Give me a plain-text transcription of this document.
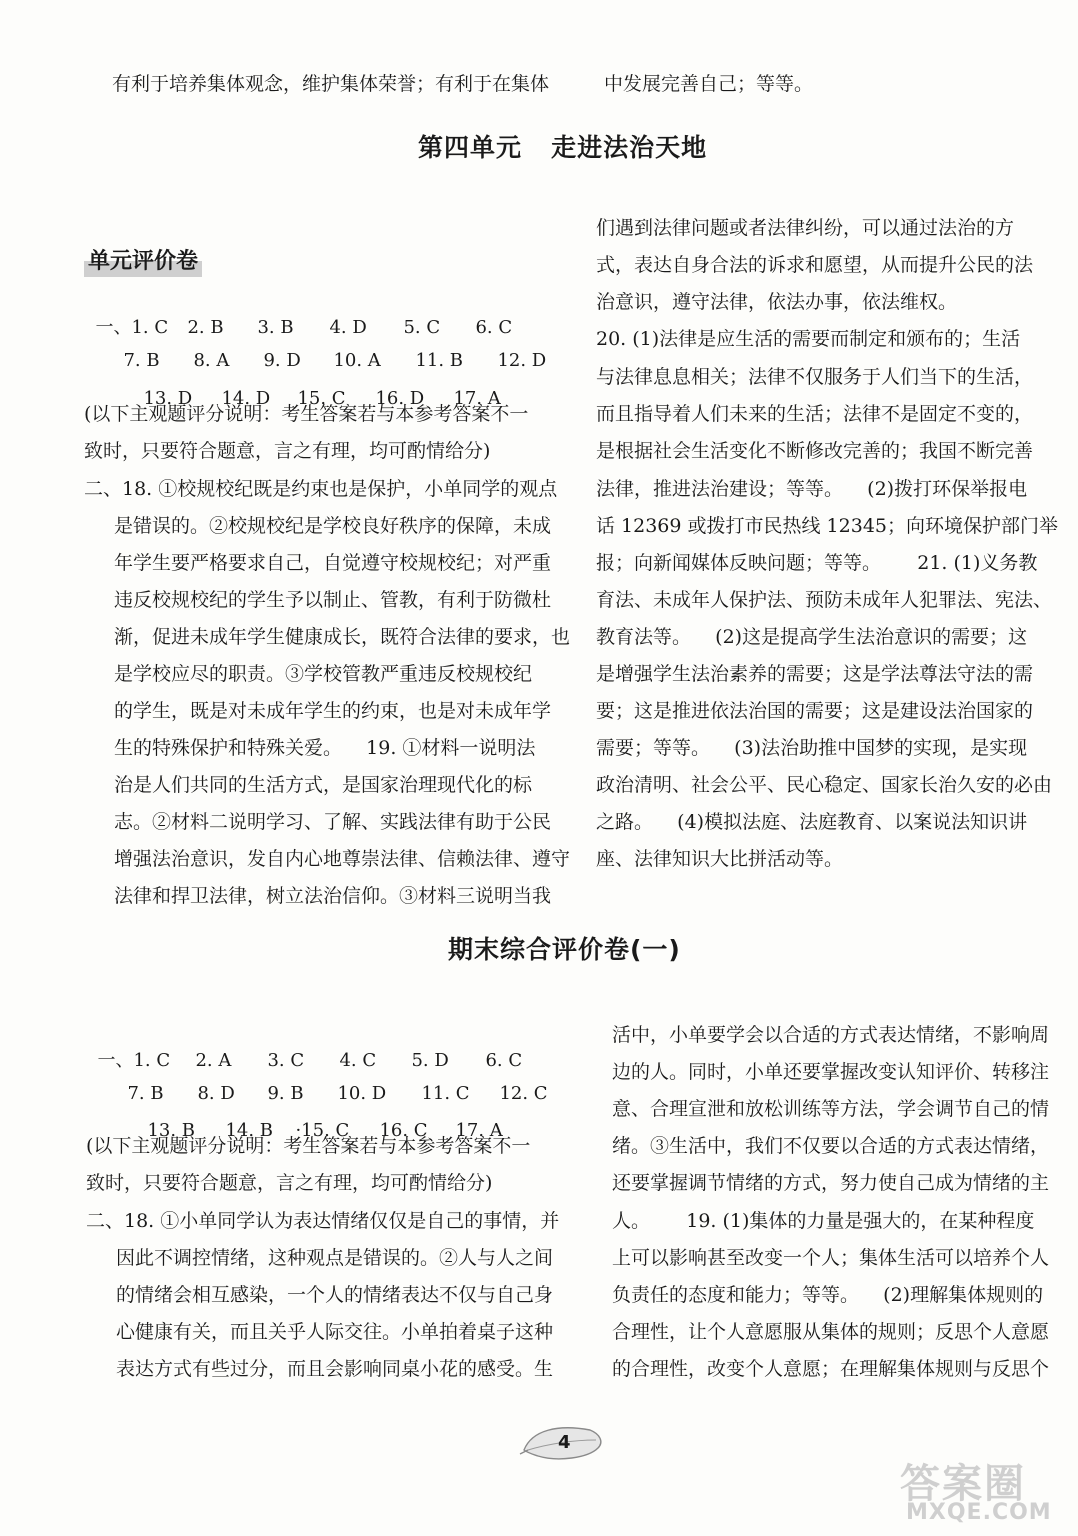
有利于培养集体观念，维护集体荣誉；有利于在集体	中发展完善自己；等等。
第四单元   走进法治天地
单元评价卷

一、1. C 2. B 3. B 4. D 5. C 6. C

7. B 8. A 9. D 10. A 11. B 12. D

13. D 14. D 15. C 16. D 17. A

(以下主观题评分说明：考生答案若与本参考答案不一
致时，只要符合题意，言之有理，均可酌情给分)
二、18. ①校规校纪既是约束也是保护，小单同学的观点
是错误的。②校规校纪是学校良好秩序的保障，未成
年学生要严格要求自己，自觉遵守校规校纪；对严重
违反校规校纪的学生予以制止、管教，有利于防微杜
渐，促进未成年学生健康成长，既符合法律的要求，也
是学校应尽的职责。③学校管教严重违反校规校纪
的学生，既是对未成年学生的约束，也是对未成年学
生的特殊保护和特殊关爱。    19. ①材料一说明法
治是人们共同的生活方式，是国家治理现代化的标
志。②材料二说明学习、了解、实践法律有助于公民
增强法治意识，发自内心地尊崇法律、信赖法律、遵守
法律和捍卫法律，树立法治信仰。③材料三说明当我
们遇到法律问题或者法律纠纷，可以通过法治的方
式，表达自身合法的诉求和愿望，从而提升公民的法
治意识，遵守法律，依法办事，依法维权。
20. (1)法律是应生活的需要而制定和颁布的；生活
与法律息息相关；法律不仅服务于人们当下的生活，
而且指导着人们未来的生活；法律不是固定不变的，
是根据社会生活变化不断修改完善的；我国不断完善
法律，推进法治建设；等等。    (2)拨打环保举报电
话 12369 或拨打市民热线 12345；向环境保护部门举
报；向新闻媒体反映问题；等等。      21. (1)义务教
育法、未成年人保护法、预防未成年人犯罪法、宪法、
教育法等。    (2)这是提高学生法治意识的需要；这
是增强学生法治素养的需要；这是学法尊法守法的需
要；这是推进依法治国的需要；这是建设法治国家的
需要；等等。    (3)法治助推中国梦的实现，是实现
政治清明、社会公平、民心稳定、国家长治久安的必由
之路。    (4)模拟法庭、法庭教育、以案说法知识讲
座、法律知识大比拼活动等。
期末综合评价卷(一)

一、1. C 2. A 3. C 4. C 5. D 6. C

7. B 8. D 9. B 10. D 11. C 12. C

13. B 14. B ·15. C 16. C 17. A

(以下主观题评分说明：考生答案若与本参考答案不一
致时，只要符合题意，言之有理，均可酌情给分)
二、18. ①小单同学认为表达情绪仅仅是自己的事情，并
因此不调控情绪，这种观点是错误的。②人与人之间
的情绪会相互感染，一个人的情绪表达不仅与自己身
心健康有关，而且关乎人际交往。小单拍着桌子这种
表达方式有些过分，而且会影响同桌小花的感受。生
活中，小单要学会以合适的方式表达情绪，不影响周
边的人。同时，小单还要掌握改变认知评价、转移注
意、合理宣泄和放松训练等方法，学会调节自己的情
绪。③生活中，我们不仅要以合适的方式表达情绪，
还要掌握调节情绪的方式，努力使自己成为情绪的主
人。      19. (1)集体的力量是强大的，在某种程度
上可以影响甚至改变一个人；集体生活可以培养个人
负责任的态度和能力；等等。    (2)理解集体规则的
合理性，让个人意愿服从集体的规则；反思个人意愿
的合理性，改变个人意愿；在理解集体规则与反思个
4
答案圈
MXQE.COM
